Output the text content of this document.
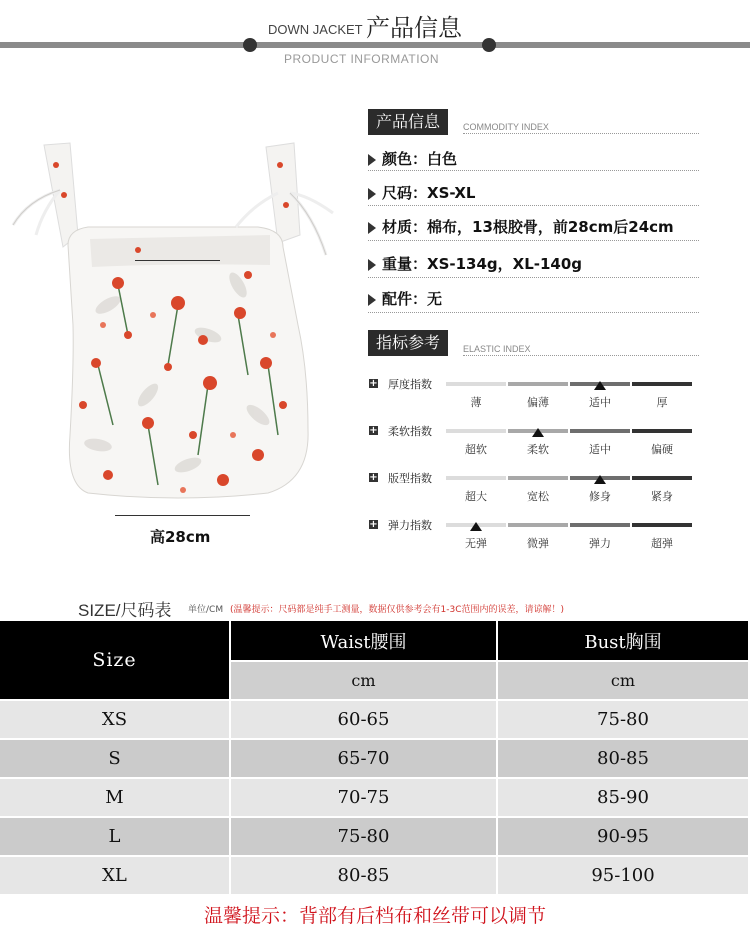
DOWN JACKET 产品信息
PRODUCT INFORMATION
高28cm
产品信息	COMMODITY INDEX
颜色：白色
尺码：XS-XL
材质：棉布，13根胶骨，前28cm后24cm
重量：XS-134g，XL-140g
配件：无
指标参考	ELASTIC INDEX
+ 厚度指数
薄	偏薄	适中	厚
+ 柔软指数
超软	柔软	适中	偏硬
+ 版型指数
超大	宽松	修身	紧身
+ 弹力指数
无弹	微弹	弹力	超弹
SIZE/尺码表 单位/CM (温馨提示：尺码都是纯手工测量，数据仅供参考会有1-3C范围内的误差，请谅解！)
Size	Waist腰围	Bust胸围
	cm	cm
XS	60-65	75-80
S	65-70	80-85
M	70-75	85-90
L	75-80	90-95
XL	80-85	95-100
温馨提示：背部有后档布和丝带可以调节
